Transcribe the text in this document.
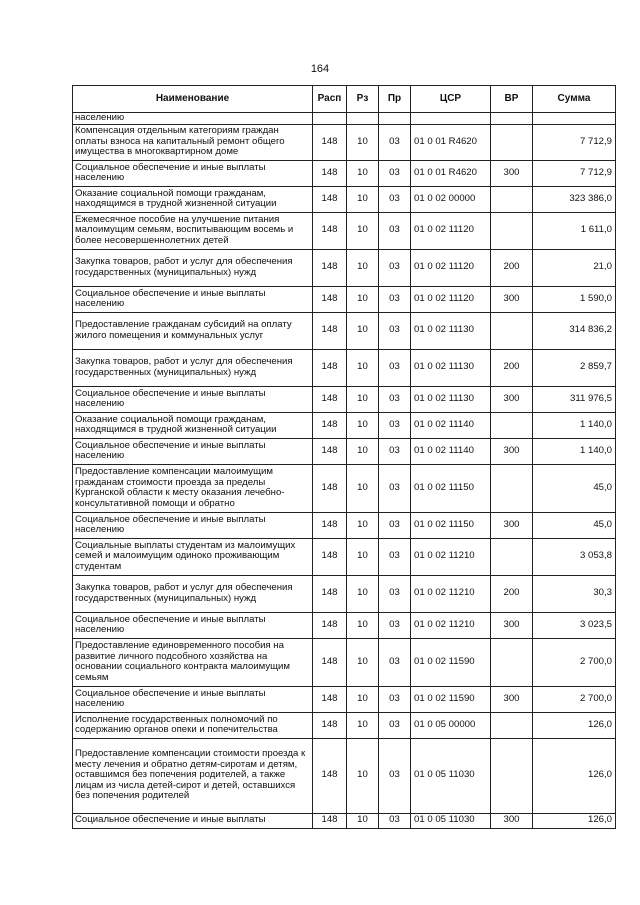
164
Наименование	Расп	Рз	Пр	ЦСР	ВР	Сумма
населению						
Компенсация отдельным категориям граждан оплаты взноса на капитальный ремонт общего имущества в многоквартирном доме	148	10	03	01 0 01 R4620		7 712,9
Социальное обеспечение и иные выплаты населению	148	10	03	01 0 01 R4620	300	7 712,9
Оказание социальной помощи гражданам, находящимся в трудной жизненной ситуации	148	10	03	01 0 02 00000		323 386,0
Ежемесячное пособие на улучшение питания малоимущим семьям, воспитывающим восемь и более несовершеннолетних детей	148	10	03	01 0 02 11120		1 611,0
Закупка товаров, работ и услуг для обеспечения государственных (муниципальных) нужд	148	10	03	01 0 02 11120	200	21,0
Социальное обеспечение и иные выплаты населению	148	10	03	01 0 02 11120	300	1 590,0
Предоставление гражданам субсидий на оплату жилого помещения и коммунальных услуг	148	10	03	01 0 02 11130		314 836,2
Закупка товаров, работ и услуг для обеспечения государственных (муниципальных) нужд	148	10	03	01 0 02 11130	200	2 859,7
Социальное обеспечение и иные выплаты населению	148	10	03	01 0 02 11130	300	311 976,5
Оказание социальной помощи гражданам, находящимся в трудной жизненной ситуации	148	10	03	01 0 02 11140		1 140,0
Социальное обеспечение и иные выплаты населению	148	10	03	01 0 02 11140	300	1 140,0
Предоставление компенсации малоимущим гражданам стоимости проезда за пределы Курганской области к месту оказания лечебно-консультативной помощи и обратно	148	10	03	01 0 02 11150		45,0
Социальное обеспечение и иные выплаты населению	148	10	03	01 0 02 11150	300	45,0
Социальные выплаты студентам из малоимущих семей и малоимущим одиноко проживающим студентам	148	10	03	01 0 02 11210		3 053,8
Закупка товаров, работ и услуг для обеспечения государственных (муниципальных) нужд	148	10	03	01 0 02 11210	200	30,3
Социальное обеспечение и иные выплаты населению	148	10	03	01 0 02 11210	300	3 023,5
Предоставление единовременного пособия на развитие личного подсобного хозяйства на основании социального контракта малоимущим семьям	148	10	03	01 0 02 11590		2 700,0
Социальное обеспечение и иные выплаты населению	148	10	03	01 0 02 11590	300	2 700,0
Исполнение государственных полномочий по содержанию органов опеки и попечительства	148	10	03	01 0 05 00000		126,0
Предоставление компенсации стоимости проезда к месту лечения и обратно детям-сиротам и детям, оставшимся без попечения родителей, а также лицам из числа детей-сирот и детей, оставшихся без попечения родителей	148	10	03	01 0 05 11030		126,0
Социальное обеспечение и иные выплаты	148	10	03	01 0 05 11030	300	126,0
